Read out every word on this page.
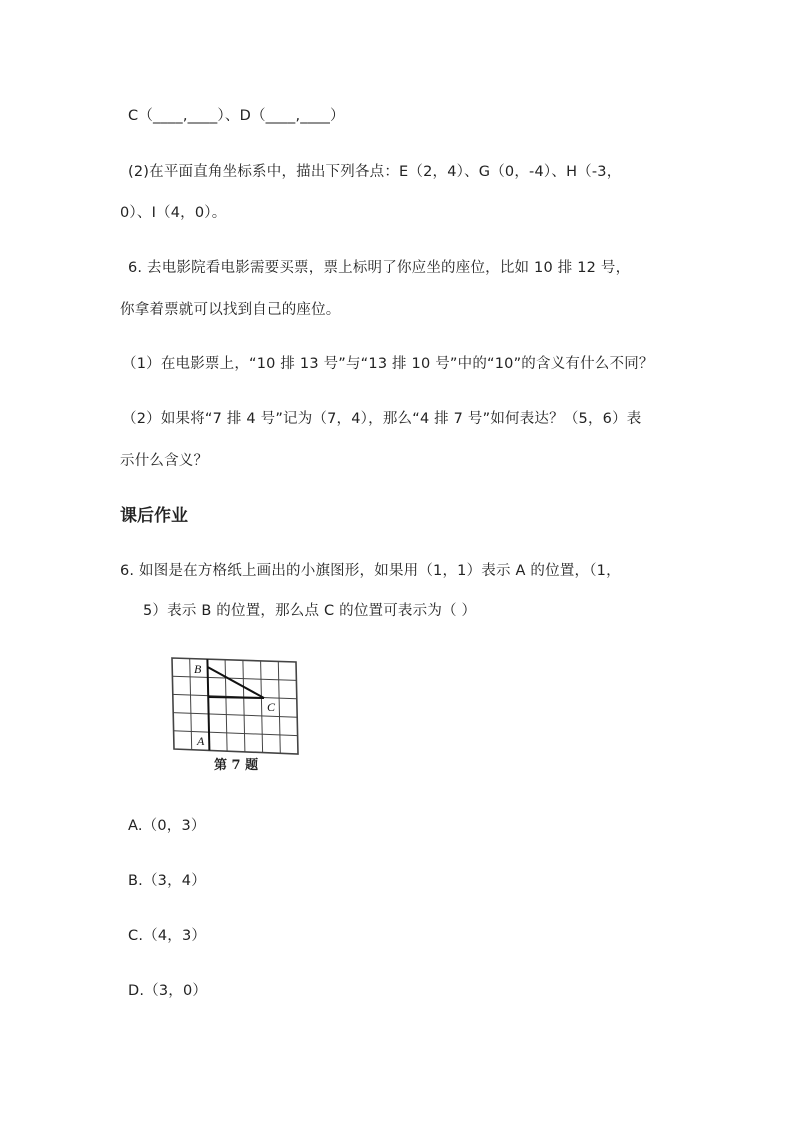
C（____,____）、D（____,____）
(2)在平面直角坐标系中，描出下列各点：E（2，4）、G（0，-4）、H（-3，
0）、I（4，0）。
6. 去电影院看电影需要买票，票上标明了你应坐的座位，比如 10 排 12 号，
你拿着票就可以找到自己的座位。
（1）在电影票上，“10 排 13 号”与“13 排 10 号”中的“10”的含义有什么不同？
（2）如果将“7 排 4 号”记为（7，4），那么“4 排 7 号”如何表达？（5，6）表
示什么含义？
课后作业
6. 如图是在方格纸上画出的小旗图形，如果用（1，1）表示 A 的位置，（1，
5）表示 B 的位置，那么点 C 的位置可表示为（ ）
B
C
A
第 7 题
A.（0，3）
B.（3，4）
C.（4，3）
D.（3，0）
